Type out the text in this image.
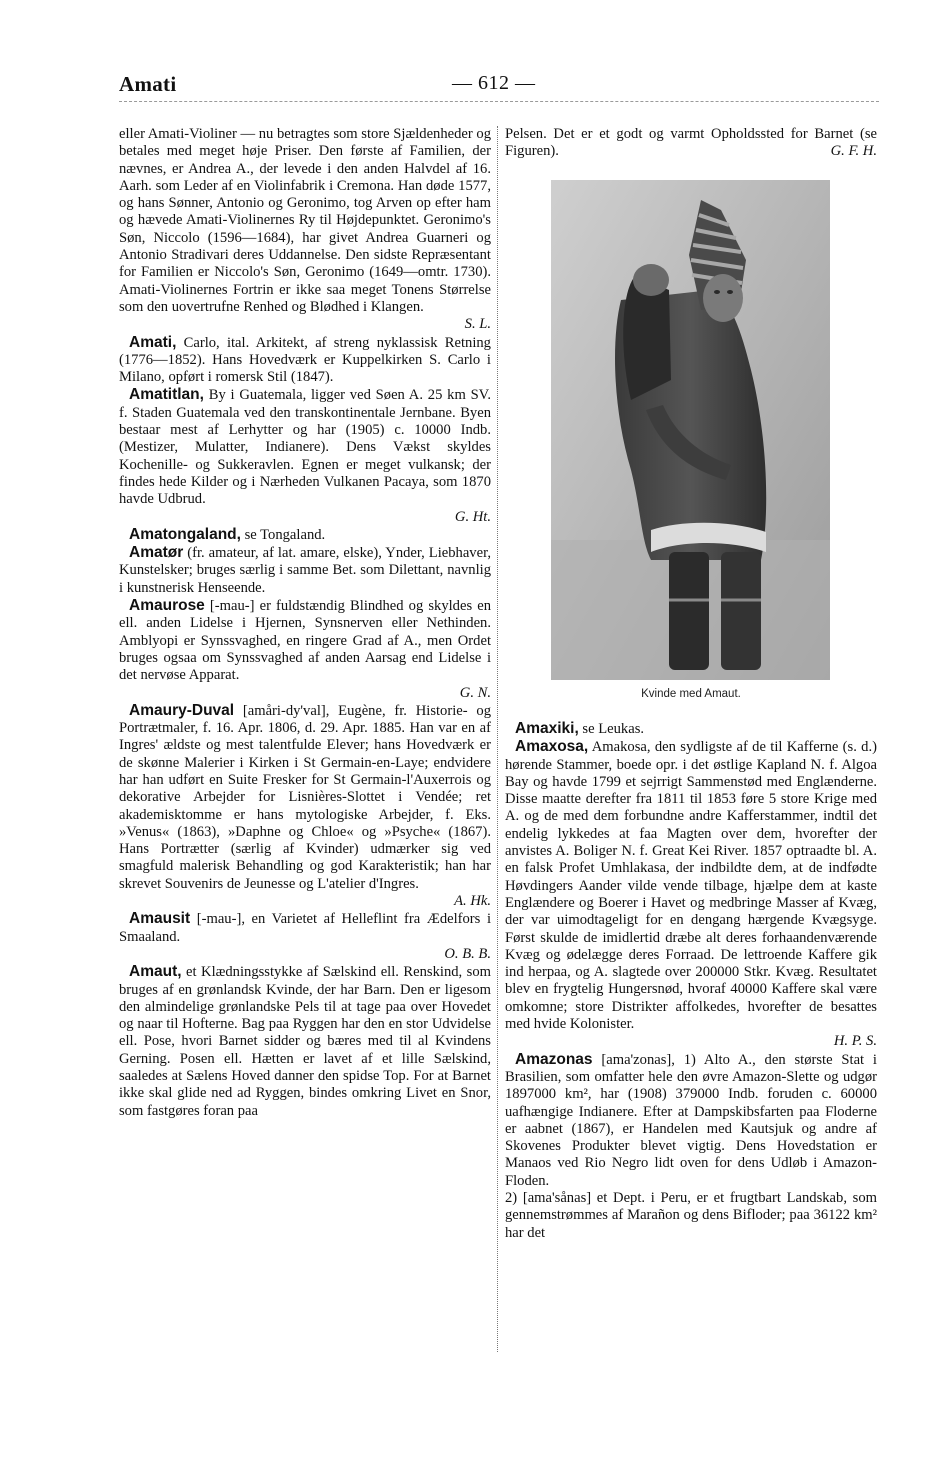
Amati	— 612 —

eller Amati-Violiner — nu betragtes som store Sjældenheder og betales med meget høje Priser. Den første af Familien, der nævnes, er Andrea A., der levede i den anden Halvdel af 16. Aarh. som Leder af en Violinfabrik i Cremona. Han døde 1577, og hans Sønner, Antonio og Geronimo, tog Arven op efter ham og hævede Amati-Violinernes Ry til Højdepunktet. Geronimo's Søn, Niccolo (1596—1684), har givet Andrea Guarneri og Antonio Stradivari deres Uddannelse. Den sidste Repræsentant for Familien er Niccolo's Søn, Geronimo (1649—omtr. 1730). Amati-Violinernes Fortrin er ikke saa meget Tonens Størrelse som den uovertrufne Renhed og Blødhed i Klangen.
S. L.

Amati, Carlo, ital. Arkitekt, af streng nyklassisk Retning (1776—1852). Hans Hovedværk er Kuppelkirken S. Carlo i Milano, opført i romersk Stil (1847).

Amatitlan, By i Guatemala, ligger ved Søen A. 25 km SV. f. Staden Guatemala ved den transkontinentale Jernbane. Byen bestaar mest af Lerhytter og har (1905) c. 10000 Indb. (Mestizer, Mulatter, Indianere). Dens Vækst skyldes Kochenille- og Sukkeravlen. Egnen er meget vulkansk; der findes hede Kilder og i Nærheden Vulkanen Pacaya, som 1870 havde Udbrud.
G. Ht.

Amatongaland, se Tongaland.

Amatør (fr. amateur, af lat. amare, elske), Ynder, Liebhaver, Kunstelsker; bruges særlig i samme Bet. som Dilettant, navnlig i kunstnerisk Henseende.

Amaurose [-mau-] er fuldstændig Blindhed og skyldes en ell. anden Lidelse i Hjernen, Synsnerven eller Nethinden. Amblyopi er Synssvaghed, en ringere Grad af A., men Ordet bruges ogsaa om Synssvaghed af anden Aarsag end Lidelse i det nervøse Apparat.
G. N.

Amaury-Duval [amåri-dy'val], Eugène, fr. Historie- og Portrætmaler, f. 16. Apr. 1806, d. 29. Apr. 1885. Han var en af Ingres' ældste og mest talentfulde Elever; hans Hovedværk er de skønne Malerier i Kirken i St Germain-en-Laye; endvidere har han udført en Suite Fresker for St Germain-l'Auxerrois og dekorative Arbejder for Lisnières-Slottet i Vendée; ret akademisktomme er hans mytologiske Arbejder, f. Eks. »Venus« (1863), »Daphne og Chloe« og »Psyche« (1867). Hans Portrætter (særlig af Kvinder) udmærker sig ved smagfuld malerisk Behandling og god Karakteristik; han har skrevet Souvenirs de Jeunesse og L'atelier d'Ingres.
A. Hk.

Amausit [-mau-], en Varietet af Helleflint fra Ædelfors i Smaaland.
O. B. B.

Amaut, et Klædningsstykke af Sælskind ell. Renskind, som bruges af en grønlandsk Kvinde, der har Barn. Den er ligesom den almindelige grønlandske Pels til at tage paa over Hovedet og naar til Hofterne. Bag paa Ryggen har den en stor Udvidelse ell. Pose, hvori Barnet sidder og bæres med til al Kvindens Gerning. Posen ell. Hætten er lavet af et lille Sælskind, saaledes at Sælens Hoved danner den spidse Top. For at Barnet ikke skal glide ned ad Ryggen, bindes omkring Livet en Snor, som fastgøres foran paa

Pelsen. Det er et godt og varmt Opholdssted for Barnet (se Figuren).	G. F. H.

Kvinde med Amaut.

Amaxiki, se Leukas.

Amaxosa, Amakosa, den sydligste af de til Kafferne (s. d.) hørende Stammer, boede opr. i det østlige Kapland N. f. Algoa Bay og havde 1799 et sejrrigt Sammenstød med Englænderne. Disse maatte derefter fra 1811 til 1853 føre 5 store Krige med A. og de med dem forbundne andre Kafferstammer, indtil det endelig lykkedes at faa Magten over dem, hvorefter der anvistes A. Boliger N. f. Great Kei River. 1857 optraadte bl. A. en falsk Profet Umhlakasa, der indbildte dem, at de indfødte Høvdingers Aander vilde vende tilbage, hjælpe dem at kaste Englændere og Boerer i Havet og medbringe Masser af Kvæg, der var uimodtageligt for en dengang hærgende Kvægsyge. Først skulde de imidlertid dræbe alt deres forhaandenværende Kvæg og ødelægge deres Forraad. De lettroende Kaffere gik ind herpaa, og A. slagtede over 200000 Stkr. Kvæg. Resultatet blev en frygtelig Hungersnød, hvoraf 40000 Kaffere skal være omkomne; store Distrikter affolkedes, hvorefter de besattes med hvide Kolonister.
H. P. S.

Amazonas [ama'zonas], 1) Alto A., den største Stat i Brasilien, som omfatter hele den øvre Amazon-Slette og udgør 1897000 km², har (1908) 379000 Indb. foruden c. 60000 uafhængige Indianere. Efter at Dampskibsfarten paa Floderne er aabnet (1867), er Handelen med Kautsjuk og andre af Skovenes Produkter blevet vigtig. Dens Hovedstation er Manaos ved Rio Negro lidt oven for dens Udløb i Amazon-Floden.

2) [ama'sånas] et Dept. i Peru, er et frugtbart Landskab, som gennemstrømmes af Marañon og dens Bifloder; paa 36122 km² har det
